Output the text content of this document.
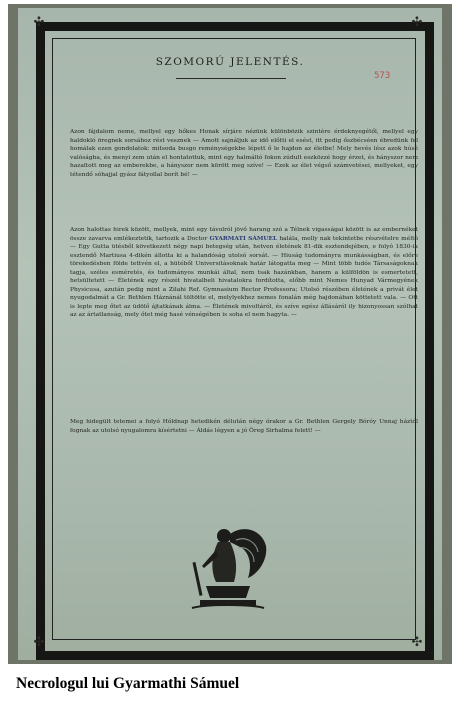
✣	✣
✣	✣
SZOMORÚ JELENTÉS.
573
Azon fájdalom neme, mellyel egy hőkes Honak sírjáre nézünk különbözik szintére érdeknyegétől, mellyel egy haldokló öregnek sorsához rést vesznek — Amott sajnáljuk az idő előtti el esést, itt pedig őszbécséen ébredünk fel homálak ezen gondolatok: mitsoda busgo reménységekbe lépett ő le hajdon az életbe! Mely hevés lész azok húsé valóságba, és menyi zem után el hontatottuk, mint egy halmáltó fokon zúdult eszközzé hogy érzet, és hányszor nem hazaltott meg az emberekbe, a hányszor nem körött meg szíve! — Ezek az élet végső számvetései, mellyeket, egy tétendő sóhajjal gyász fátyollal borít bé! —
Azon halottas hirek között, mellyek, mint egy távolról jövő harang szó a Télnek vigasságai között is az embernéket össze zavarva emlékeztetik, tartozik a Doctor GYARMATI SÁMUEL halála, melly nak tekintetbe részvételre méltó — Egy Gutta ütésből következett négy napi betegség után, hetven életének 81-dik esztendejében, e folyó 1830-ik esztendő Martiusa 4-dikén állotta ki a halandóság utolsó sorsát. — Hiuság tudományra munkásságban, és előre törekedésben földe tettvén el, a hütéből Universitásoknak határ látogatta meg — Mint több tudós Társaságoknak tagja, széles esméretés, és tudományos munkái által, nem tsak hazánkban, hanem a külföldön is esmertetett, hetsültetett — Életének egy részét hivatalbeli hivatalokra fordította, előbb mint Nemes Hunyad Vármegyének Physicusa, azután pedig mint a Zilahi Ref. Gymnasium Rector Professora; Utolsó részében életének a privát élet nyugodalmát a Gr. Bethlen Háznánál töltötte el, melylyekhez nemes fonalán még hajdonában köttetett vala. — Ott is lepte meg őtet az üdölő ájtatkának álma. — Életének mivoltáról, és szíve egész állásáról ily hizonyossan szólhat az az ártatlanság, mely őtet még hasé vénségében is soha el nem hagyta. —
Meg hidegült tetemei a folyó Hóldnap hetedikén délután négy órakor a Gr. Bethlen Gergely Bóróy Unnaj háztól fognak az utolsó nyugalomra kísértetni — Áldás légyen a jó Öreg Sirhalma felett! —
Necrologul lui Gyarmathi Sámuel
